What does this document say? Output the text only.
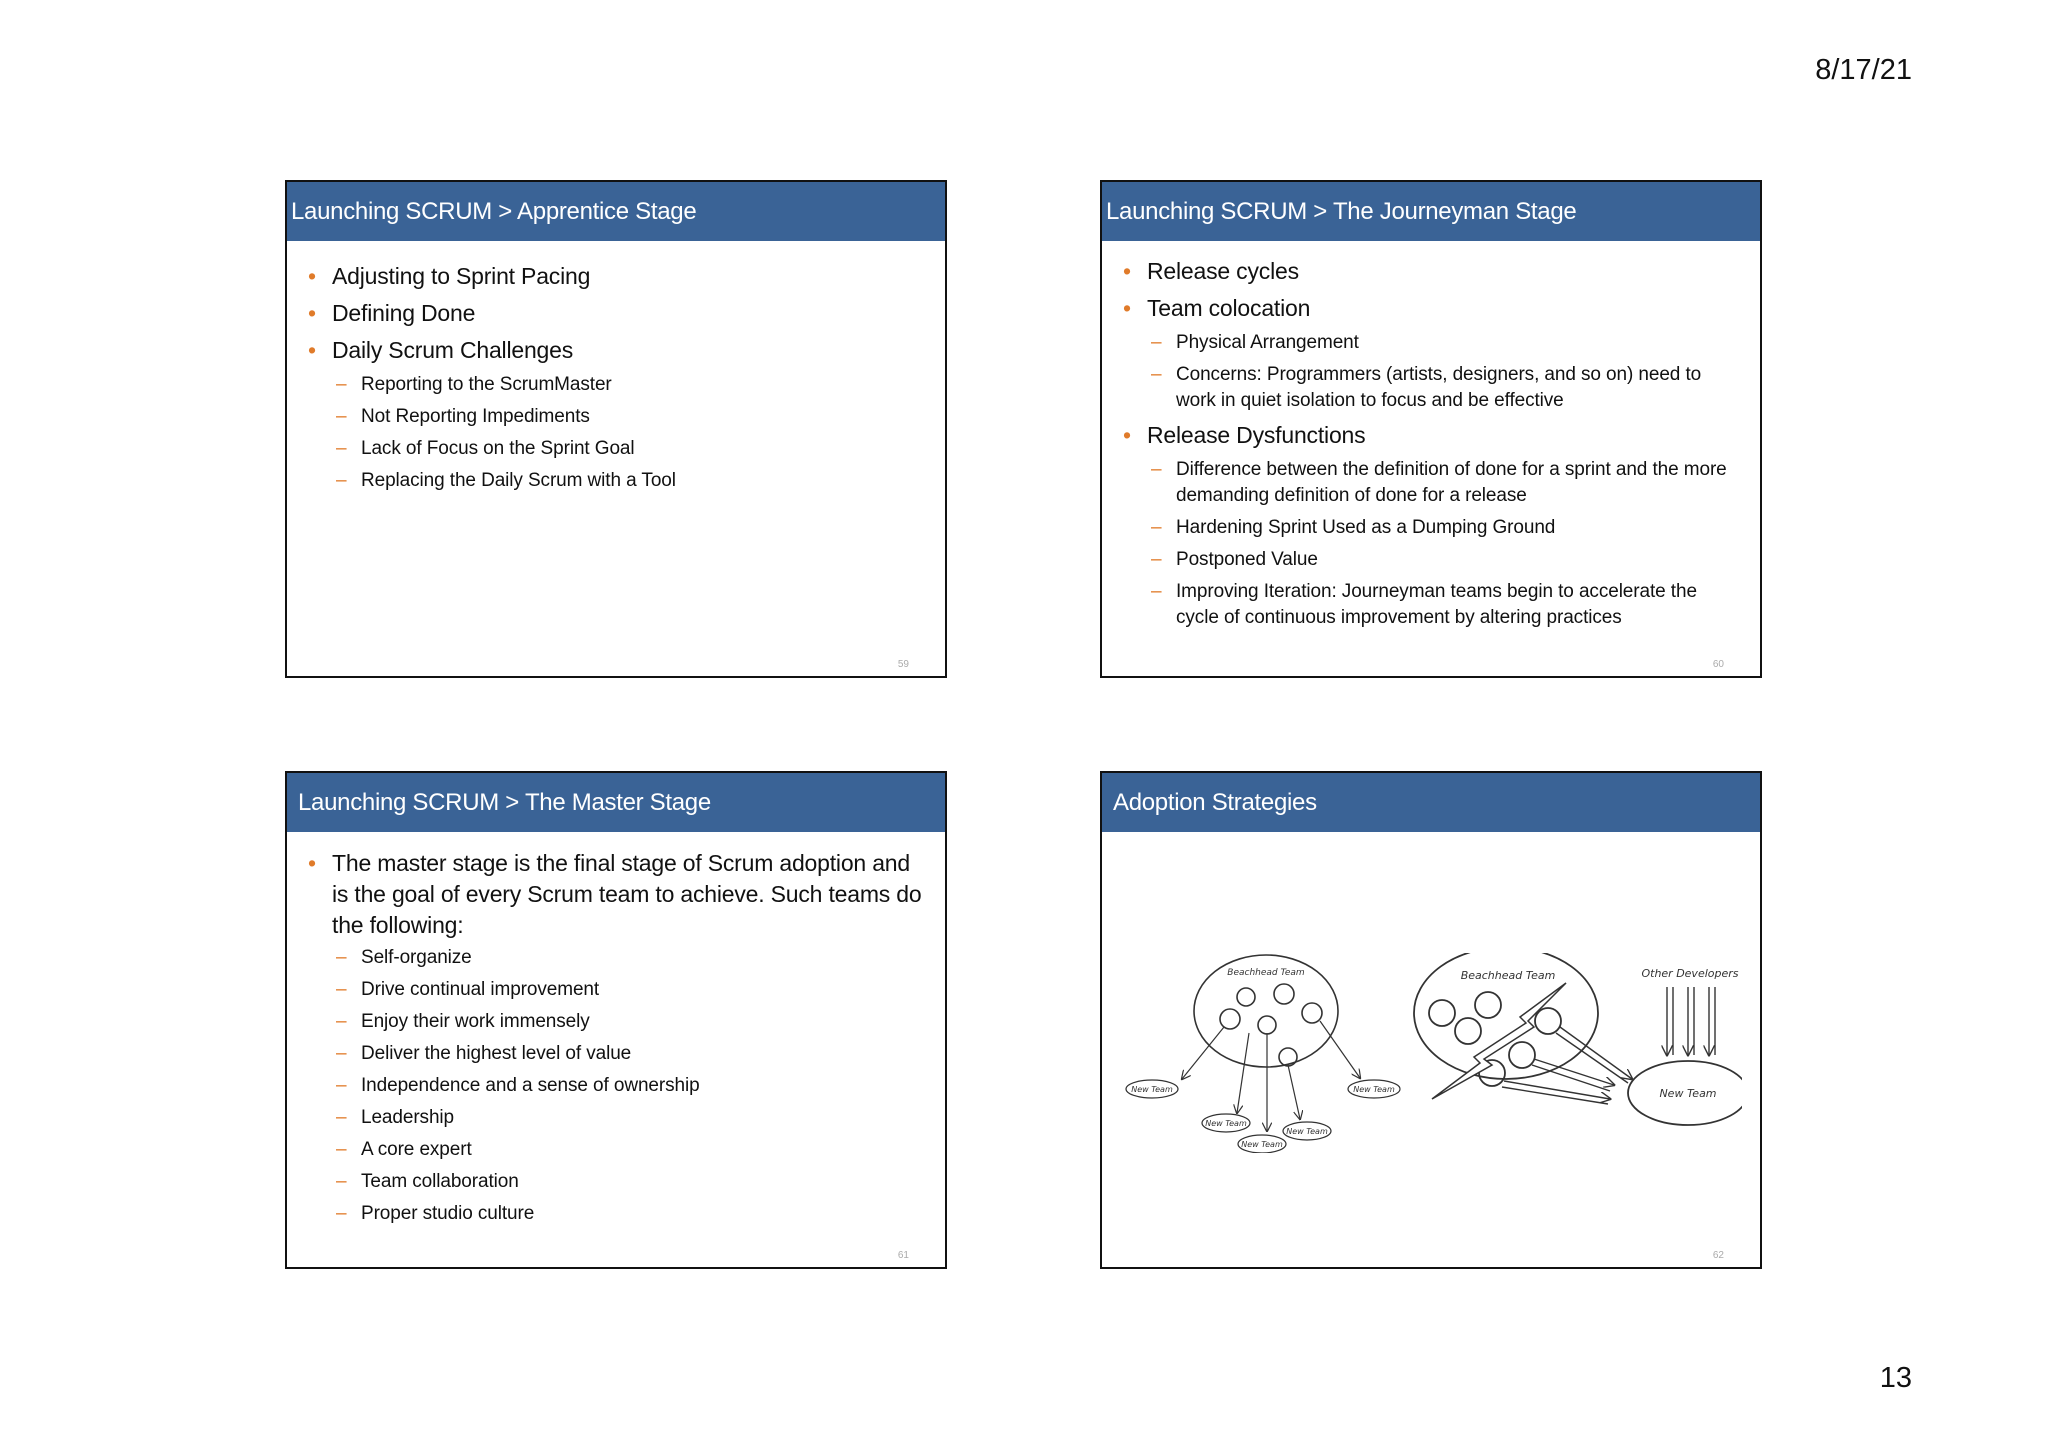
8/17/21
Launching SCRUM > Apprentice Stage
• Adjusting to Sprint Pacing
• Defining Done
• Daily Scrum Challenges
– Reporting to the ScrumMaster
– Not Reporting Impediments
– Lack of Focus on the Sprint Goal
– Replacing the Daily Scrum with a Tool
59
Launching SCRUM > The Journeyman Stage
• Release cycles
• Team colocation
– Physical Arrangement
– Concerns: Programmers (artists, designers, and so on) need to work in quiet isolation to focus and be effective
• Release Dysfunctions
– Difference between the definition of done for a sprint and the more demanding definition of done for a release
– Hardening Sprint Used as a Dumping Ground
– Postponed Value
– Improving Iteration: Journeyman teams begin to accelerate the cycle of continuous improvement by altering practices
60
Launching SCRUM > The Master Stage
• The master stage is the final stage of Scrum adoption and is the goal of every Scrum team to achieve. Such teams do the following:
– Self-organize
– Drive continual improvement
– Enjoy their work immensely
– Deliver the highest level of value
– Independence and a sense of ownership
– Leadership
– A core expert
– Team collaboration
– Proper studio culture
61
Adoption Strategies
Beachhead Team
New Team
New Team
New Team
New Team
New Team
Beachhead Team	Other Developers
New Team
62
13
